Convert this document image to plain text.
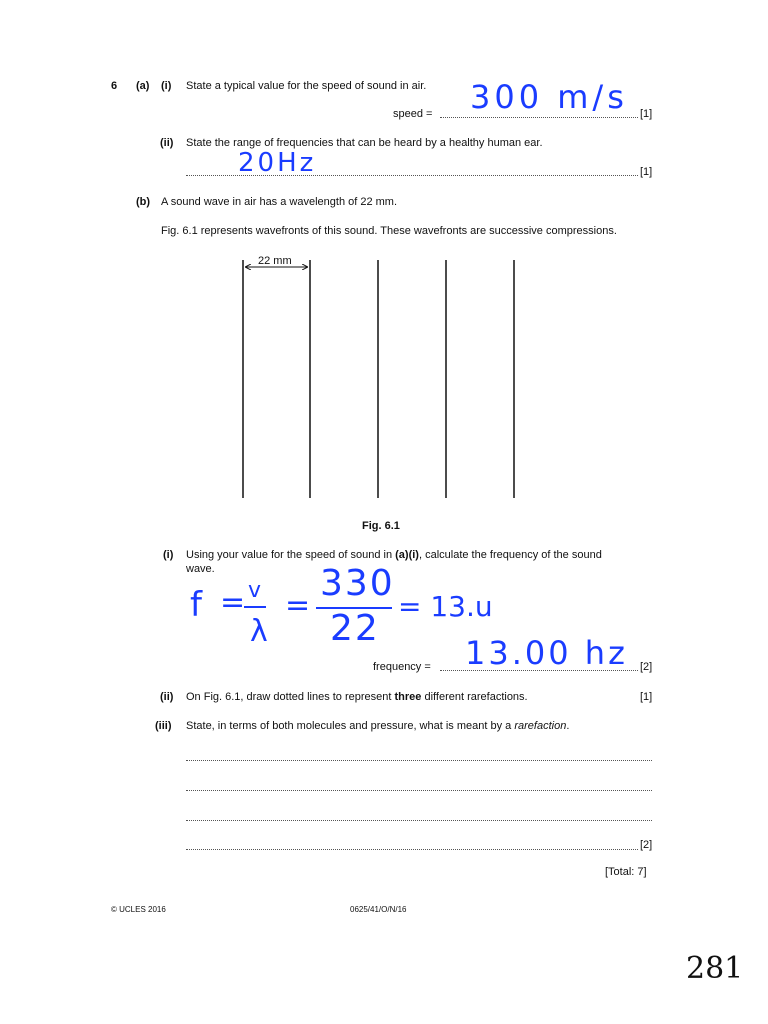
6 (a) (i) State a typical value for the speed of sound in air.
speed =	[1]
300 m/s
(ii) State the range of frequencies that can be heard by a healthy human ear.
[1]
20Hz
(b) A sound wave in air has a wavelength of 22 mm.
Fig. 6.1 represents wavefronts of this sound. These wavefronts are successive compressions.
22 mm
Fig. 6.1
(i) Using your value for the speed of sound in (a)(i), calculate the frequency of the sound
wave.
f = v
λ
=
330
22
= 13.u
frequency =	[2]
13.00 hz
(ii) On Fig. 6.1, draw dotted lines to represent three different rarefactions.	[1]
(iii) State, in terms of both molecules and pressure, what is meant by a rarefaction.
[2]
[Total: 7]
© UCLES 2016	0625/41/O/N/16
281
